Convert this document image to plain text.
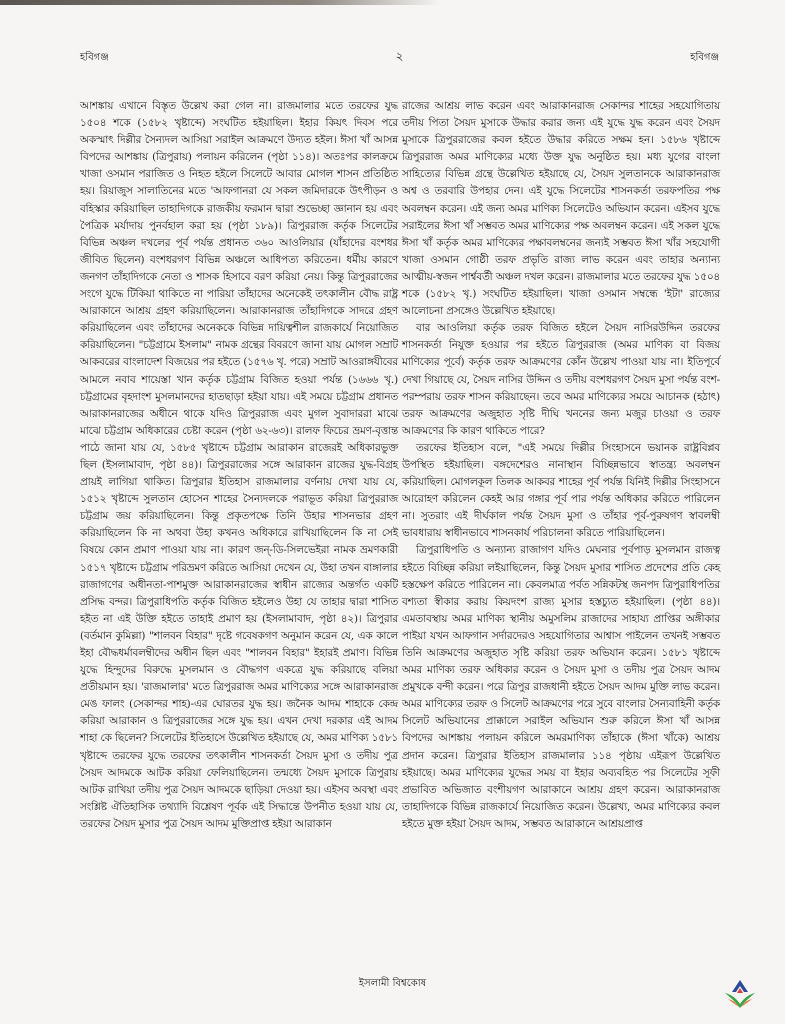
হবিগঞ্জ	২	হবিগঞ্জ

আশঙ্কায় এখানে বিস্তৃত উল্লেখ করা গেল না। রাজমালার মতে তরফের যুদ্ধ ১৫০৪ শকে (১৫৮২ খৃষ্টাব্দে) সংঘটিত হইয়াছিল। ইহার কিয়ৎ দিবস পরে অকস্মাৎ দিল্লীর সৈন্যদল আসিয়া সরাইল আক্রমণে উদ্যত হইল। ঈসা খাঁ আসন্ন বিপদের আশঙ্কায় (ত্রিপুরায়) পলায়ন করিলেন (পৃষ্ঠা ১১৪)। অতঃপর কালক্রমে খাজা ওসমান পরাজিত ও নিহত হইলে সিলেটে আবার মোগল শাসন প্রতিষ্ঠিত হয়। রিয়াজুস সালাতিনের মতে 'আফগানরা যে সকল জমিদারকে উৎপীড়ন ও বহিস্কার করিয়াছিল তাহাদিগকে রাজকীয় ফরমান দ্বারা শুভেচ্ছা জ্ঞানান হয় এবং পৈত্রিক মর্যাদায় পুনর্বহাল করা হয় (পৃষ্ঠা ১৮৯)। ত্রিপুররাজ কর্তৃক সিলেটের বিভিন্ন অঞ্চল দখলের পূর্ব পর্যন্ত প্রধানত ৩৬০ আওলিয়ার (যাঁহাদের বংশধর জীবিত ছিলেন) বংশধরগণ বিভিন্ন অঞ্চলে আধিপত্য করিতেন। ধর্মীয় কারণে জনগণ তাঁহাদিগকে নেতা ও শাসক হিসাবে বরণ করিয়া নেয়। কিন্তু ত্রিপুররাজের সংগে যুদ্ধে টিকিয়া থাকিতে না পারিয়া তাঁহাদের অনেকেই তৎকালীন বৌদ্ধ রাষ্ট্র আরাকানে আশ্রয় গ্রহণ করিয়াছিলেন। আরাকানরাজ তাঁহাদিগকে সাদরে গ্রহণ করিয়াছিলেন এবং তাঁহাদের অনেককে বিভিন্ন দায়িত্বশীল রাজকার্যে নিয়োজিত করিয়াছিলেন। "চট্টগ্রামে ইসলাম" নামক গ্রন্থের বিবরণে জানা যায় মোগল সম্রাট আকবরের বাংলাদেশ বিজয়ের পর হইতে (১৫৭৬ খৃ. পরে) সম্রাট আওরাঙ্গযীবের আমলে নবাব শায়েস্তা খান কর্তৃক চট্টগ্রাম বিজিত হওয়া পর্যন্ত (১৬৬৬ খৃ.) চট্টগ্রামের বৃহদাংশ মুসলমানদের হাতছাড়া হইয়া যায়। এই সময়ে চট্টগ্রাম প্রধানত আরাকানরাজের অধীনে থাকে যদিও ত্রিপুররাজ এবং মুগল সুবাদাররা মাঝে মাঝে চট্টগ্রাম অধিকারের চেষ্টা করেন (পৃষ্ঠা ৬২-৬৩)। রালফ ফিচের ভ্রমণ-বৃত্তান্ত পাঠে জানা যায় যে, ১৫৮৫ খৃষ্টাব্দে চট্টগ্রাম আরাকান রাজেরই অধিকারভুক্ত ছিল (ইসলামাবাদ, পৃষ্ঠা ৪৪)। ত্রিপুররাজের সঙ্গে আরাকান রাজের যুদ্ধ-বিগ্রহ প্রায়ই লাগিয়া থাকিত। ত্রিপুরার ইতিহাস রাজমালার বর্ণনায় দেখা যায় যে, ১৫১২ খৃষ্টাব্দে সুলতান হোসেন শাহের সৈন্যদলকে পরাভূত করিয়া ত্রিপুররাজ চট্টগ্রাম জয় করিয়াছিলেন। কিন্তু প্রকৃতপক্ষে তিনি উহার শাসনভার গ্রহণ করিয়াছিলেন কি না অথবা উহা কখনও অধিকারে রাখিয়াছিলেন কি না সেই বিষয়ে কোন প্রমাণ পাওয়া যায় না। কারণ জন্-ডি-সিলভেইরা নামক ভ্রমণকারী ১৫১৭ খৃষ্টাব্দে চট্টগ্রাম পরিভ্রমণ করিতে আসিয়া দেখেন যে, উহা তখন বাঙ্গালার রাজাগণের অধীনতা-পাশমুক্ত আরাকানরাজের স্বাধীন রাজ্যের অন্তর্গত একটি প্রসিদ্ধ বন্দর। ত্রিপুরাধিপতি কর্তৃক বিজিত হইলেও উহা যে তাহার দ্বারা শাসিত হইত না এই উক্তি হইতে তাহাই প্রমাণ হয় (ইসলামাবাদ, পৃষ্ঠা ৪২)। ত্রিপুরার (বর্তমান কুমিল্লা) "শালবন বিহার" দৃষ্টে গবেষকগণ অনুমান করেন যে, এক কালে ইহা বৌদ্ধধর্মাবলম্বীদের অধীন ছিল এবং "শালবন বিহার" ইহারই প্রমাণ। বিভিন্ন যুদ্ধে হিন্দুদের বিরুদ্ধে মুসলমান ও বৌদ্ধগণ একত্রে যুদ্ধ করিয়াছে বলিয়া প্রতীয়মান হয়। 'রাজমালার' মতে ত্রিপুররাজ অমর মাণিক্যের সঙ্গে আরাকানরাজ মেঙ ফালং (সেকান্দর শাহ)-এর ঘোরতর যুদ্ধ হয়। জনৈক আদম শাহাকে কেন্দ্র করিয়া আরাকান ও ত্রিপুররাজের সঙ্গে যুদ্ধ হয়। এখন দেখা দরকার এই আদম শাহা কে ছিলেন? সিলেটের ইতিহাসে উল্লেখিত হইয়াছে যে, অমর মাণিক্য ১৫৮১ খৃষ্টাব্দে তরফের যুদ্ধে তরফের তৎকালীন শাসনকর্তা সৈয়দ মুসা ও তদীয় পুত্র সৈয়দ আদমকে আটক করিয়া ফেলিয়াছিলেন। তন্মধ্যে সৈয়দ মুসাকে ত্রিপুরায় আটক রাখিয়া তদীয় পুত্র সৈয়দ আদমকে ছাড়িয়া দেওয়া হয়। এইসব অবস্থা এবং সংশ্লিষ্ট ঐতিহাসিক তথ্যাদি বিশ্লেষণ পূর্বক এই সিদ্ধান্তে উপনীত হওয়া যায় যে, তরফের সৈয়দ মুসার পুত্র সৈয়দ আদম মুক্তিপ্রাপ্ত হইয়া আরাকান

রাজের আশ্রয় লাভ করেন এবং আরাকানরাজ সেকান্দর শাহের সহযোগিতায় তদীয় পিতা সৈয়দ মুসাকে উদ্ধার করার জন্য এই যুদ্ধে যুদ্ধ করেন এবং সৈয়দ মুসাকে ত্রিপুররাজের কবল হইতে উদ্ধার করিতে সক্ষম হন। ১৫৮৬ খৃষ্টাব্দে ত্রিপুররাজ অমর মাণিক্যের মধ্যে উক্ত যুদ্ধ অনুষ্ঠিত হয়। মধ্য যুগের বাংলা সাহিত্যের বিভিন্ন গ্রন্থে উল্লেখিত হইয়াছে যে, সৈয়দ সুলতানকে আরাকানরাজ অশ্ব ও তরবারি উপহার দেন। এই যুদ্ধে সিলেটের শাসনকর্তা তরফপতির পক্ষ অবলম্বন করেন। এই জন্য অমর মাণিক্য সিলেটেও অভিযান করেন। এইসব যুদ্ধে সরাইলের ঈসা খাঁ সম্ভবত অমর মাণিক্যের পক্ষ অবলম্বন করেন। এই সকল যুদ্ধে ঈসা খাঁ কর্তৃক অমর মাণিক্যের পক্ষাবলম্বনের জন্যই সম্ভবত ঈসা খাঁর সহযোগী খাজা ওসমান গোষ্ঠী তরফ প্রভৃতি রাজ্য লাভ করেন এবং তাহার অন্যান্য আত্মীয়-স্বজন পার্শ্ববর্তী অঞ্চল দখল করেন। রাজমালার মতে তরফের যুদ্ধ ১৫০৪ শকে (১৫৮২ খৃ.) সংঘটিত হইয়াছিল। খাজা ওসমান সম্বন্ধে 'ইটা' রাজ্যের আলোচনা প্রসঙ্গেও উল্লেখিত হইয়াছে।

বার আওলিয়া কর্তৃক তরফ বিজিত হইলে সৈয়দ নাসিরউদ্দিন তরফের শাসনকর্তা নিযুক্ত হওয়ার পর হইতে ত্রিপুররাজ (অমর মাণিক্য বা বিজয় মাণিক্যের পূর্বে) কর্তৃক তরফ আক্রমণের কোঁন উল্লেখ পাওয়া যায় না। ইতিপূর্বে দেখা গিয়াছে যে, সৈয়দ নাসির উদ্দিন ও তদীয় বংশধরগণ সৈয়দ মুসা পর্যন্ত বংশ-পরম্পরায় তরফ শাসন করিয়াছেন। তবে অমর মাণিক্যের সময়ে আচানক (হঠাৎ) তরফ আক্রমণের অজুহাত সৃষ্টি দীঘি খননের জন্য মজুর চাওয়া ও তরফ আক্রমণের কি কারণ থাকিতে পারে?

তরফের ইতিহাস বলে, "এই সময়ে দিল্লীর সিংহাসনে ভয়ানক রাষ্ট্রবিপ্লব উপস্থিত হইয়াছিল। বঙ্গদেশেরও নানাস্থান বিচ্ছিন্নভাবে স্বাতন্ত্র্য অবলম্বন করিয়াছিল। মোগলকূল তিলক আকবর শাহের পূর্ব পর্যন্ত যিনিই দিল্লীর সিংহাসনে আরোহণ করিলেন কেহই আর গঙ্গার পূর্ব পার পর্যন্ত অধিকার করিতে পারিলেন না। সুতরাং এই দীর্ঘকাল পর্যন্ত সৈয়দ মুসা ও তাঁহার পূর্ব-পুরুষগণ স্বাবলম্বী ভাবধারায় স্বাধীনভাবে শাসনকার্য পরিচালনা করিতে পারিয়াছিলেন।

ত্রিপুরাধিপতি ও অন্যান্য রাজাগণ যদিও মেঘনার পূর্বপাড় মুসলমান রাজত্ব হইতে বিচ্ছিন্ন করিয়া লইয়াছিলেন, কিন্তু সৈয়দ মুসার শাসিত প্রদেশের প্রতি কেহ হস্তক্ষেপ করিতে পারিলেন না। কেবলমাত্র পর্বত সন্নিকটস্থ জনপদ ত্রিপুরাধিপতির বশ্যতা স্বীকার করায় কিয়দংশ রাজ্য মুসার হস্তচ্যুত হইয়াছিল। (পৃষ্ঠা ৪৪)। এমতাবস্থায় অমর মাণিক্য স্থানীয় অমুসলিম রাজাদের সাহায্য প্রাপ্তির অঙ্গীকার পাইয়া যখন আফগান সর্দারদেরও সহযোগিতার আশ্বাস পাইলেন তখনই সম্ভবত তিনি আক্রমণের অজুহাত সৃষ্টি করিয়া তরফ অভিযান করেন। ১৫৮১ খৃষ্টাব্দে অমর মাণিক্য তরফ অধিকার করেন ও সৈয়দ মুসা ও তদীয় পুত্র সৈয়দ আদম প্রমুখকে বন্দী করেন। পরে ত্রিপুর রাজধানী হইতে সৈয়দ আদম মুক্তি লাভ করেন। অমর মাণিক্যের তরফ ও সিলেট আক্রমণের পরে সুবে বাংলার সৈন্যবাহিনী কর্তৃক সিলেট অভিযানের প্রাক্কালে সরাইল অভিযান শুরু করিলে ঈসা খাঁ আসন্ন বিপদের আশঙ্কায় পলায়ন করিলে অমরমাণিক্য তাঁহাকে (ঈসা খাঁকে) আশ্রয় প্রদান করেন। ত্রিপুরার ইতিহাস রাজমালার ১১৪ পৃষ্ঠায় এইরূপ উল্লেখিত হইয়াছে। অমর মাণিক্যের যুদ্ধের সময় বা ইহার অব্যবহিত পর সিলেটের সূফী প্রভাবিত অভিজাত বংশীয়গণ আরাকানে আশ্রয় গ্রহণ করেন। আরাকানরাজ তাহাদিগকে বিভিন্ন রাজকার্যে নিয়োজিত করেন। উল্লেখ্য, অমর মাণিক্যের কবল হইতে মুক্ত হইয়া সৈয়দ আদম, সম্ভবত আরাকানে আশ্রয়প্রাপ্ত

ইসলামী বিশ্বকোষ
